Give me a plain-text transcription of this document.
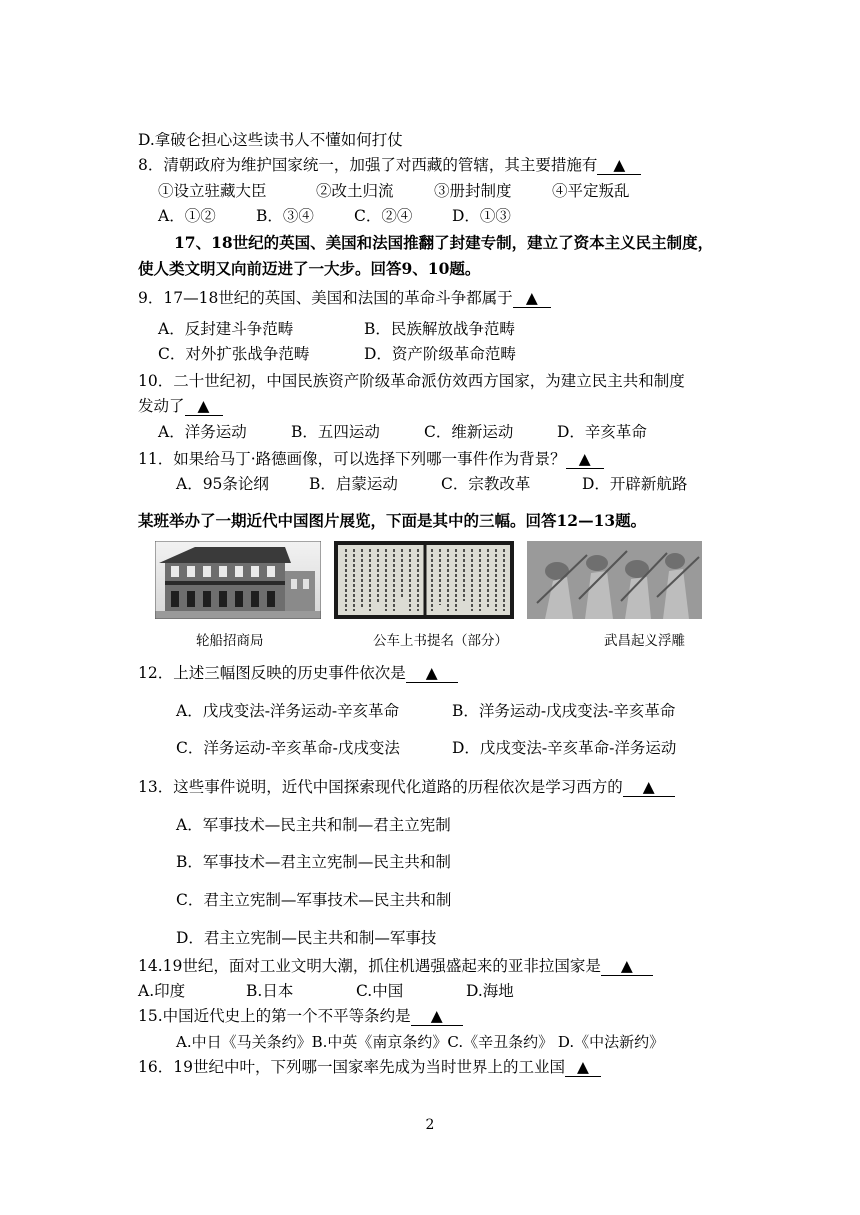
D.拿破仑担心这些读书人不懂如何打仗
8．清朝政府为维护国家统一，加强了对西藏的管辖，其主要措施有 ▲
①设立驻藏大臣	②改土归流	③册封制度	④平定叛乱
A．①②	B．③④	C．②④	D．①③
17、18世纪的英国、美国和法国推翻了封建专制，建立了资本主义民主制度，
使人类文明又向前迈进了一大步。回答9、10题。
9．17—18世纪的英国、美国和法国的革命斗争都属于 ▲
A．反封建斗争范畴	B．民族解放战争范畴
C．对外扩张战争范畴	D．资产阶级革命范畴
10．二十世纪初，中国民族资产阶级革命派仿效西方国家，为建立民主共和制度
发动了 ▲
A．洋务运动	B．五四运动	C．维新运动	D．辛亥革命
11．如果给马丁·路德画像，可以选择下列哪一事件作为背景？ ▲
A．95条论纲	B．启蒙运动	C．宗教改革	D．开辟新航路
某班举办了一期近代中国图片展览，下面是其中的三幅。回答12—13题。
轮船招商局	公车上书提名（部分）	武昌起义浮雕
12．上述三幅图反映的历史事件依次是 ▲
A．戊戌变法-洋务运动-辛亥革命	B．洋务运动-戊戌变法-辛亥革命
C．洋务运动-辛亥革命-戊戌变法	D．戊戌变法-辛亥革命-洋务运动
13．这些事件说明，近代中国探索现代化道路的历程依次是学习西方的 ▲
A．军事技术—民主共和制—君主立宪制
B．军事技术—君主立宪制—民主共和制
C．君主立宪制—军事技术—民主共和制
D．君主立宪制—民主共和制—军事技
14.19世纪，面对工业文明大潮，抓住机遇强盛起来的亚非拉国家是 ▲
A.印度	B.日本	C.中国	D.海地
15.中国近代史上的第一个不平等条约是 ▲
A.中日《马关条约》B.中英《南京条约》C.《辛丑条约》 D.《中法新约》
16．19世纪中叶，下列哪一国家率先成为当时世界上的工业国 ▲
2
